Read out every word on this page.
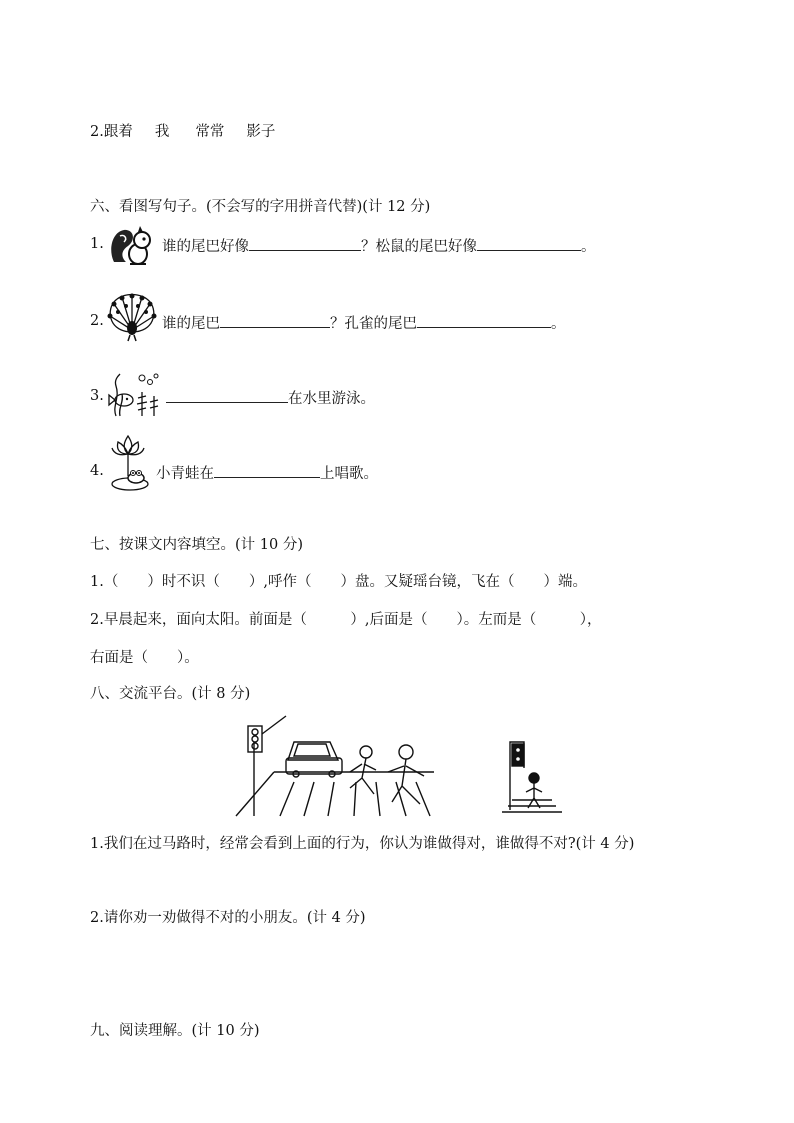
2.跟着 我 常常 影子
六、看图写句子。(不会写的字用拼音代替)(计 12 分)
1.	谁的尾巴好像	？松鼠的尾巴好像	。
2.	谁的尾巴	？孔雀的尾巴	。
3.	在水里游泳。
4.	小青蛙在	上唱歌。
七、按课文内容填空。(计 10 分)
1.（　　）时不识（　　）,呼作（　　）盘。又疑瑶台镜，飞在（　　）端。
2.早晨起来，面向太阳。前面是（　　　）,后面是（　　）。左而是（　　　），
右面是（　　）。
八、交流平台。(计 8 分)
1.我们在过马路时，经常会看到上面的行为，你认为谁做得对，谁做得不对?(计 4 分)
2.请你劝一劝做得不对的小朋友。(计 4 分)
九、阅读理解。(计 10 分)
